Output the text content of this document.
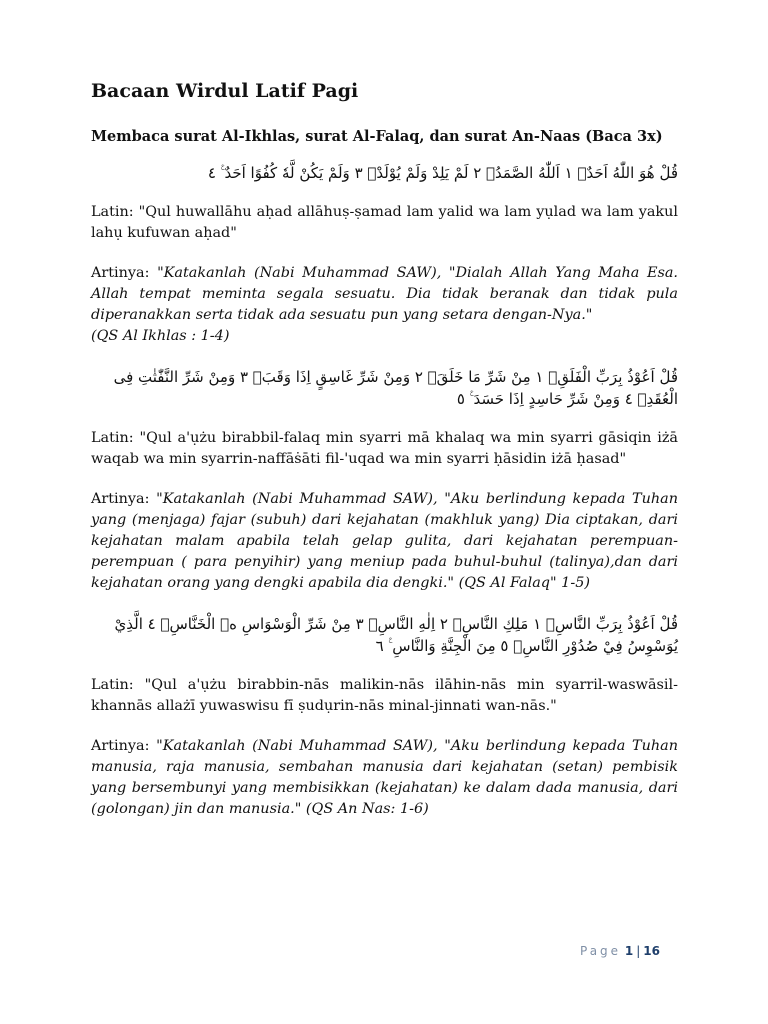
Bacaan Wirdul Latif Pagi

Membaca surat Al-Ikhlas, surat Al-Falaq, dan surat An-Naas (Baca 3x)

قُلْ هُوَ اللّٰهُ اَحَدٌۚ ١ اَللّٰهُ الصَّمَدُۚ ٢ لَمْ يَلِدْ وَلَمْ يُوْلَدْۙ ٣ وَلَمْ يَكُنْ لَّهٗ كُفُوًا اَحَدٌ ࣖ ٤

Latin: "Qul huwallāhu aḥad allāhuṣ-ṣamad lam yalid wa lam yụlad wa lam yakul lahụ kufuwan aḥad"

Artinya: "Katakanlah (Nabi Muhammad SAW), "Dialah Allah Yang Maha Esa. Allah tempat meminta segala sesuatu. Dia tidak beranak dan tidak pula diperanakkan serta tidak ada sesuatu pun yang setara dengan-Nya."
(QS Al Ikhlas : 1-4)

قُلْ اَعُوْذُ بِرَبِّ الْفَلَقِۙ ١ مِنْ شَرِّ مَا خَلَقَۙ ٢ وَمِنْ شَرِّ غَاسِقٍ اِذَا وَقَبَۙ ٣ وَمِنْ شَرِّ النَّفّٰثٰتِ فِى الْعُقَدِۙ ٤ وَمِنْ شَرِّ حَاسِدٍ اِذَا حَسَدَ ࣖ ٥

Latin: "Qul a'ụżu birabbil-falaq min syarri mā khalaq wa min syarri gāsiqin iżā waqab wa min syarrin-naffāṡāti fil-'uqad wa min syarri ḥāsidin iżā ḥasad"

Artinya: "Katakanlah (Nabi Muhammad SAW), "Aku berlindung kepada Tuhan yang (menjaga) fajar (subuh) dari kejahatan (makhluk yang) Dia ciptakan, dari kejahatan malam apabila telah gelap gulita, dari kejahatan perempuan-perempuan ( para penyihir) yang meniup pada buhul-buhul (talinya),dan dari kejahatan orang yang dengki apabila dia dengki." (QS Al Falaq" 1-5)

قُلْ اَعُوْذُ بِرَبِّ النَّاسِۙ ١ مَلِكِ النَّاسِۙ ٢ اِلٰهِ النَّاسِۙ ٣ مِنْ شَرِّ الْوَسْوَاسِ ەۙ الْخَنَّاسِۖ ٤ الَّذِيْ يُوَسْوِسُ فِيْ صُدُوْرِ النَّاسِۙ ٥ مِنَ الْجِنَّةِ وَالنَّاسِ ࣖ ٦

Latin: "Qul a'ụżu birabbin-nās malikin-nās ilāhin-nās min syarril-waswāsil-khannās allażī yuwaswisu fī ṣudụrin-nās minal-jinnati wan-nās."

Artinya: "Katakanlah (Nabi Muhammad SAW), "Aku berlindung kepada Tuhan manusia, raja manusia, sembahan manusia dari kejahatan (setan) pembisik yang bersembunyi yang membisikkan (kejahatan) ke dalam dada manusia, dari (golongan) jin dan manusia." (QS An Nas: 1-6)

Page 1 | 16
